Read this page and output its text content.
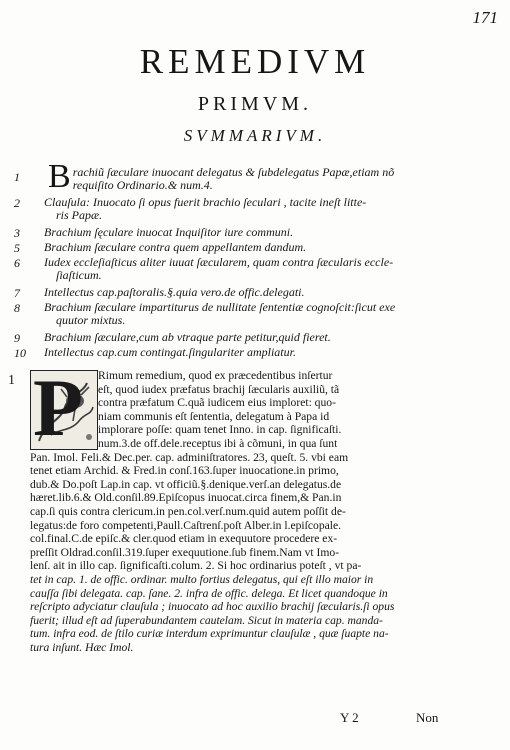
171
REMEDIVM
PRIMVM.
SVMMARIVM.
1 B rachiũ ſæculare inuocant delegatus & ſubdelegatus Papæ,etiam nõ
requiſito Ordinario.& num.4.
2 Clauſula: Inuocato ſi opus fuerit brachio ſeculari , tacite ineſt litte-
ris Papæ.
3 Brachium ſęculare inuocat Inquiſitor iure communi.
5 Brachium ſæculare contra quem appellantem dandum.
6 Iudex eccleſiaſticus aliter iuuat ſæcularem, quam contra ſæcularis eccle-
ſiaſticum.
7 Intellectus cap.paſtoralis.§.quia vero.de offic.delegati.
8 Brachium ſæculare impartiturus de nullitate ſententiæ cognoſcit:ſicut exe
quutor mixtus.
9 Brachium ſæculare,cum ab vtraque parte petitur,quid fieret.
10 Intellectus cap.cum contingat.ſingulariter ampliatur.
1 P	Rimum remedium, quod ex præcedentibus inſertur
eſt, quod iudex præfatus brachij ſæcularis auxiliũ, tã
contra præfatum C.quã iudicem eius imploret: quo-
niam communis eſt ſententia, delegatum à Papa id
implorare poſſe: quam tenet Inno. in cap. ſignificaſti.
num.3.de off.dele.receptus ibi à cõmuni, in qua ſunt
Pan. Imol. Feli.& Dec.per. cap. adminiſtratores. 23, queſt. 5. vbi eam
tenet etiam Archid. & Fred.in conſ.163.ſuper inuocatione.in primo,
dub.& Do.poſt Lap.in cap. vt officiũ.§.denique.verſ.an delegatus.de
hæret.lib.6.& Old.conſil.89.Epiſcopus inuocat.circa finem,& Pan.in
cap.ſi quis contra clericum.in pen.col.verſ.num.quid autem poſſit de-
legatus:de foro competenti,Paull.Caſtrenſ.poſt Alber.in l.epiſcopale.
col.final.C.de epiſc.& cler.quod etiam in exequutore procedere ex-
preſſit Oldrad.conſil.319.ſuper exequutione.ſub finem.Nam vt Imo-
lenſ. ait in illo cap. ſignificaſti.colum. 2. Si hoc ordinarius poteſt , vt pa-
tet in cap. 1. de offic. ordinar. multo fortius delegatus, qui eſt illo maior in
cauſſa ſibi delegata. cap. ſane. 2. infra de offic. delega. Et licet quandoque in
reſcripto adyciatur clauſula ; inuocato ad hoc auxilio brachij ſæcularis.ſi opus
fuerit; illud eſt ad ſuperabundantem cautelam. Sicut in materia cap. manda-
tum. infra eod. de ſtilo curiæ interdum exprimuntur clauſulæ , quæ ſuapte na-
tura inſunt. Hæc Imol.
Y 2	Non
